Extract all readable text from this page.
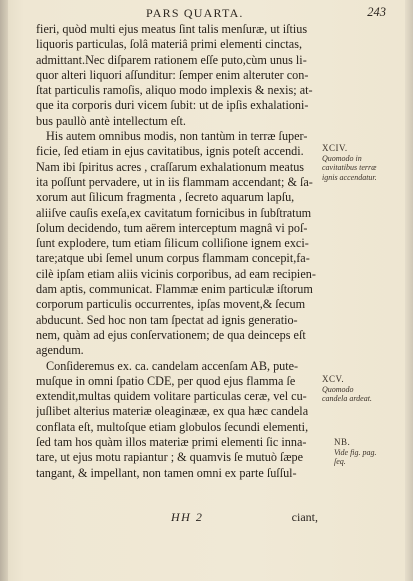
PARS QUARTA.	243
fieri, quòd multi ejus meatus ſint talis menſuræ, ut iſtius
liquoris particulas, ſolâ materiâ primi elementi cinctas,
admittant.Nec diſparem rationem eſſe puto,cùm unus li-
quor alteri liquori aſſunditur: ſemper enim alteruter con-
ſtat particulis ramoſis, aliquo modo implexis & nexis; at-
que ita corporis duri vicem ſubit: ut de ipſis exhalationi-
bus paullò antè intellectum eſt.
His autem omnibus modis, non tantùm in terræ ſuper-
ficie, ſed etiam in ejus cavitatibus, ignis poteſt accendi.
Nam ibi ſpiritus acres , craſſarum exhalationum meatus
ita poſſunt pervadere, ut in iis flammam accendant; & ſa-
xorum aut ſilicum fragmenta , ſecreto aquarum lapſu,
aliiſve cauſis exeſa,ex cavitatum fornicibus in ſubſtratum
ſolum decidendo, tum aërem interceptum magnâ vi poſ-
ſunt explodere, tum etiam ſilicum colliſione ignem exci-
tare;atque ubi ſemel unum corpus flammam concepit,fa-
cilè ipſam etiam aliis vicinis corporibus, ad eam recipien-
dam aptis, communicat. Flammæ enim particulæ iſtorum
corporum particulis occurrentes, ipſas movent,& ſecum
abducunt. Sed hoc non tam ſpectat ad ignis generatio-
nem, quàm ad ejus conſervationem; de qua deinceps eſt
agendum.
Conſideremus ex. ca. candelam accenſam AB, pute-
muſque in omni ſpatio CDE, per quod ejus flamma ſe
extendit,multas quidem volitare particulas ceræ, vel cu-
juſlibet alterius materiæ oleaginææ, ex qua hæc candela
conflata eſt, multoſque etiam globulos ſecundi elementi,
ſed tam hos quàm illos materiæ primi elementi ſic innа-
tare, ut ejus motu rapiantur ; & quamvis ſe mutuò ſæpe
tangant, & impellant, non tamen omni ex parte ſuſſul-
XCIV.
Quomodo in cavitatibus terræ ignis accendatur.
XCV.
Quomodo candela ardeat.
NB.
Vide fig. pag. ſeq.
HH 2	ciant,
